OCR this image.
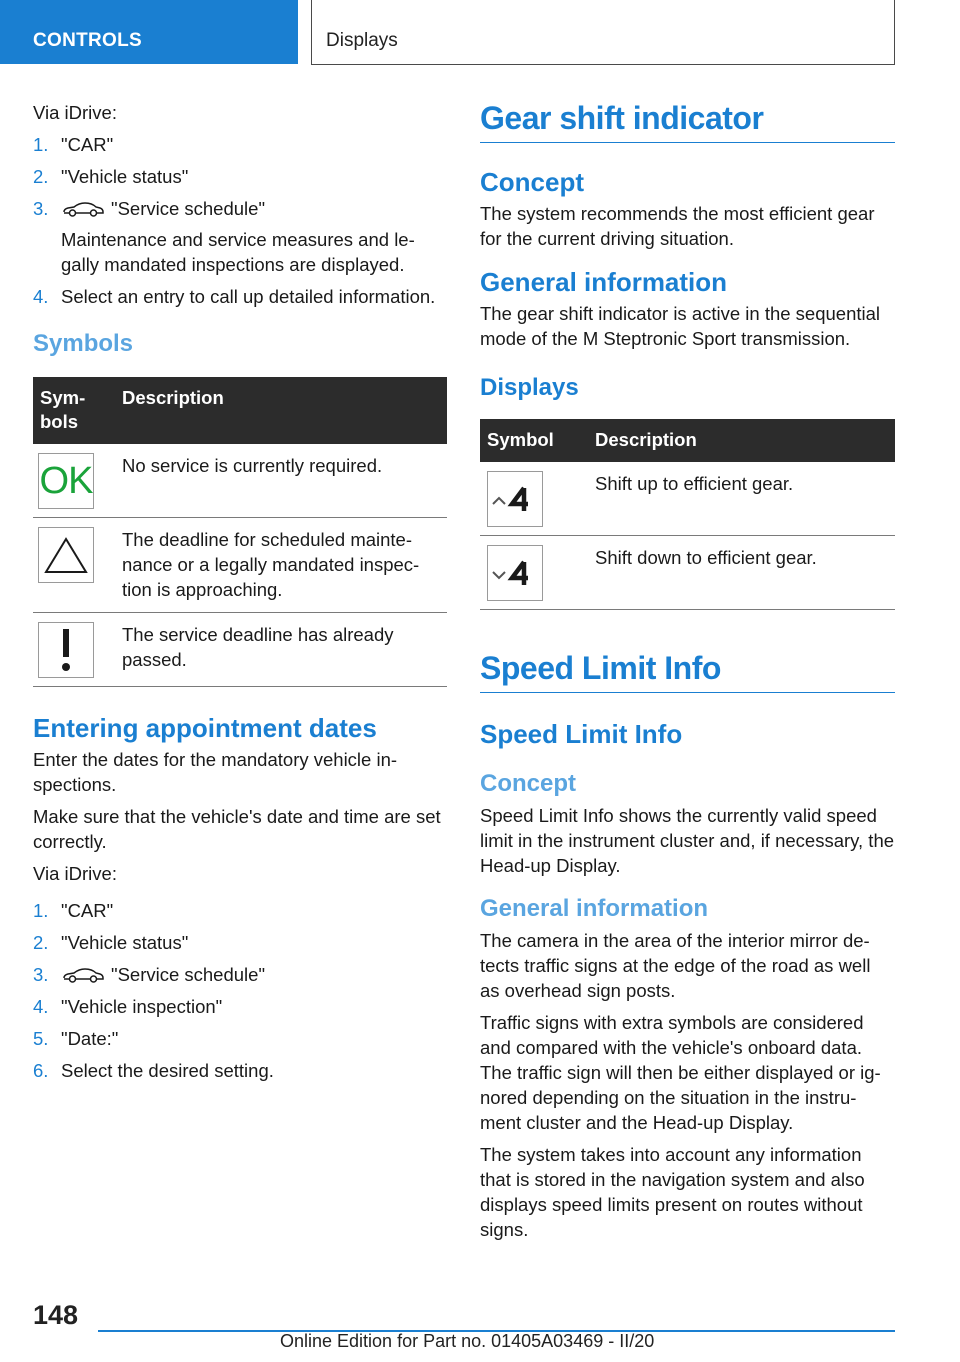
CONTROLS	Displays

Via iDrive:

1. "CAR"
2. "Vehicle status"
3.	"Service schedule"
Maintenance and service measures and le-gally mandated inspections are displayed.
4. Select an entry to call up detailed information.
Symbols
Sym-bols	Description

OK	No service is currently required.

	The deadline for scheduled mainte-nance or a legally mandated inspec-tion is approaching.

	The service deadline has already passed.
Entering appointment dates

Enter the dates for the mandatory vehicle in-spections.

Make sure that the vehicle's date and time are set correctly.

Via iDrive:

1. "CAR"
2. "Vehicle status"
3.	"Service schedule"
4. "Vehicle inspection"
5. "Date:"
6. Select the desired setting.
Gear shift indicator
Concept

The system recommends the most efficient gear for the current driving situation.

General information

The gear shift indicator is active in the sequential mode of the M Steptronic Sport transmission.

Displays
Symbol	Description

	Shift up to efficient gear.

	Shift down to efficient gear.
Speed Limit Info
Speed Limit Info
Concept

Speed Limit Info shows the currently valid speed limit in the instrument cluster and, if necessary, the Head-up Display.

General information

The camera in the area of the interior mirror de-tects traffic signs at the edge of the road as well as overhead sign posts.

Traffic signs with extra symbols are considered and compared with the vehicle's onboard data. The traffic sign will then be either displayed or ig-nored depending on the situation in the instru-ment cluster and the Head-up Display.

The system takes into account any information that is stored in the navigation system and also displays speed limits present on routes without signs.

148
Online Edition for Part no. 01405A03469 - II/20
